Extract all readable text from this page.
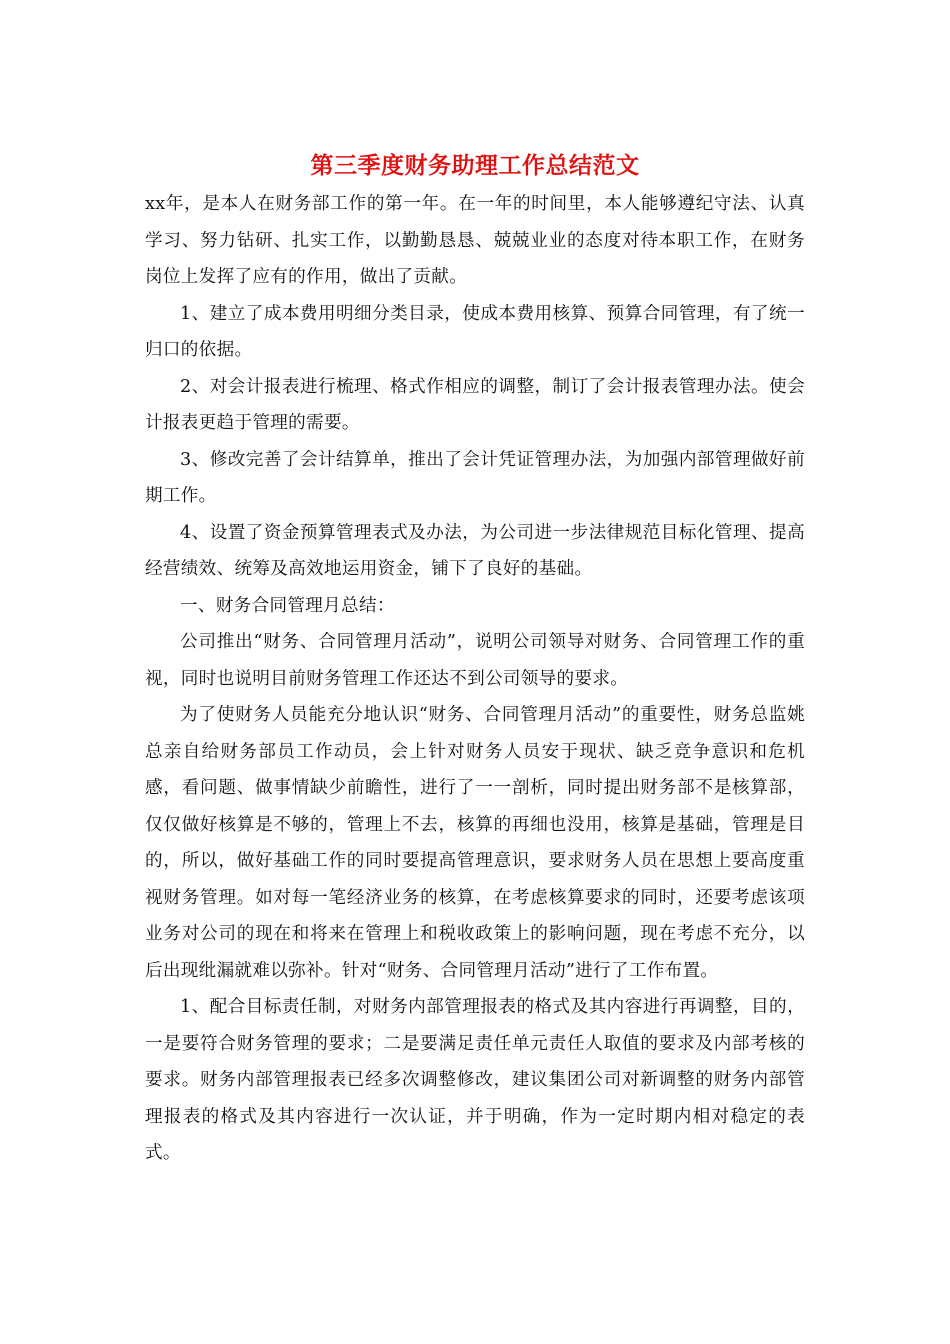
第三季度财务助理工作总结范文

xx年，是本人在财务部工作的第一年。在一年的时间里，本人能够遵纪守法、认真学习、努力钻研、扎实工作，以勤勤恳恳、兢兢业业的态度对待本职工作，在财务岗位上发挥了应有的作用，做出了贡献。

1、建立了成本费用明细分类目录，使成本费用核算、预算合同管理，有了统一归口的依据。

2、对会计报表进行梳理、格式作相应的调整，制订了会计报表管理办法。使会计报表更趋于管理的需要。

3、修改完善了会计结算单，推出了会计凭证管理办法，为加强内部管理做好前期工作。

4、设置了资金预算管理表式及办法，为公司进一步法律规范目标化管理、提高经营绩效、统筹及高效地运用资金，铺下了良好的基础。

一、财务合同管理月总结：

公司推出“财务、合同管理月活动”，说明公司领导对财务、合同管理工作的重视，同时也说明目前财务管理工作还达不到公司领导的要求。

为了使财务人员能充分地认识“财务、合同管理月活动”的重要性，财务总监姚总亲自给财务部员工作动员，会上针对财务人员安于现状、缺乏竞争意识和危机感，看问题、做事情缺少前瞻性，进行了一一剖析，同时提出财务部不是核算部，仅仅做好核算是不够的，管理上不去，核算的再细也没用，核算是基础，管理是目的，所以，做好基础工作的同时要提高管理意识，要求财务人员在思想上要高度重视财务管理。如对每一笔经济业务的核算，在考虑核算要求的同时，还要考虑该项业务对公司的现在和将来在管理上和税收政策上的影响问题，现在考虑不充分，以后出现纰漏就难以弥补。针对“财务、合同管理月活动”进行了工作布置。

1、配合目标责任制，对财务内部管理报表的格式及其内容进行再调整，目的，一是要符合财务管理的要求；二是要满足责任单元责任人取值的要求及内部考核的要求。财务内部管理报表已经多次调整修改，建议集团公司对新调整的财务内部管理报表的格式及其内容进行一次认证，并于明确，作为一定时期内相对稳定的表式。
